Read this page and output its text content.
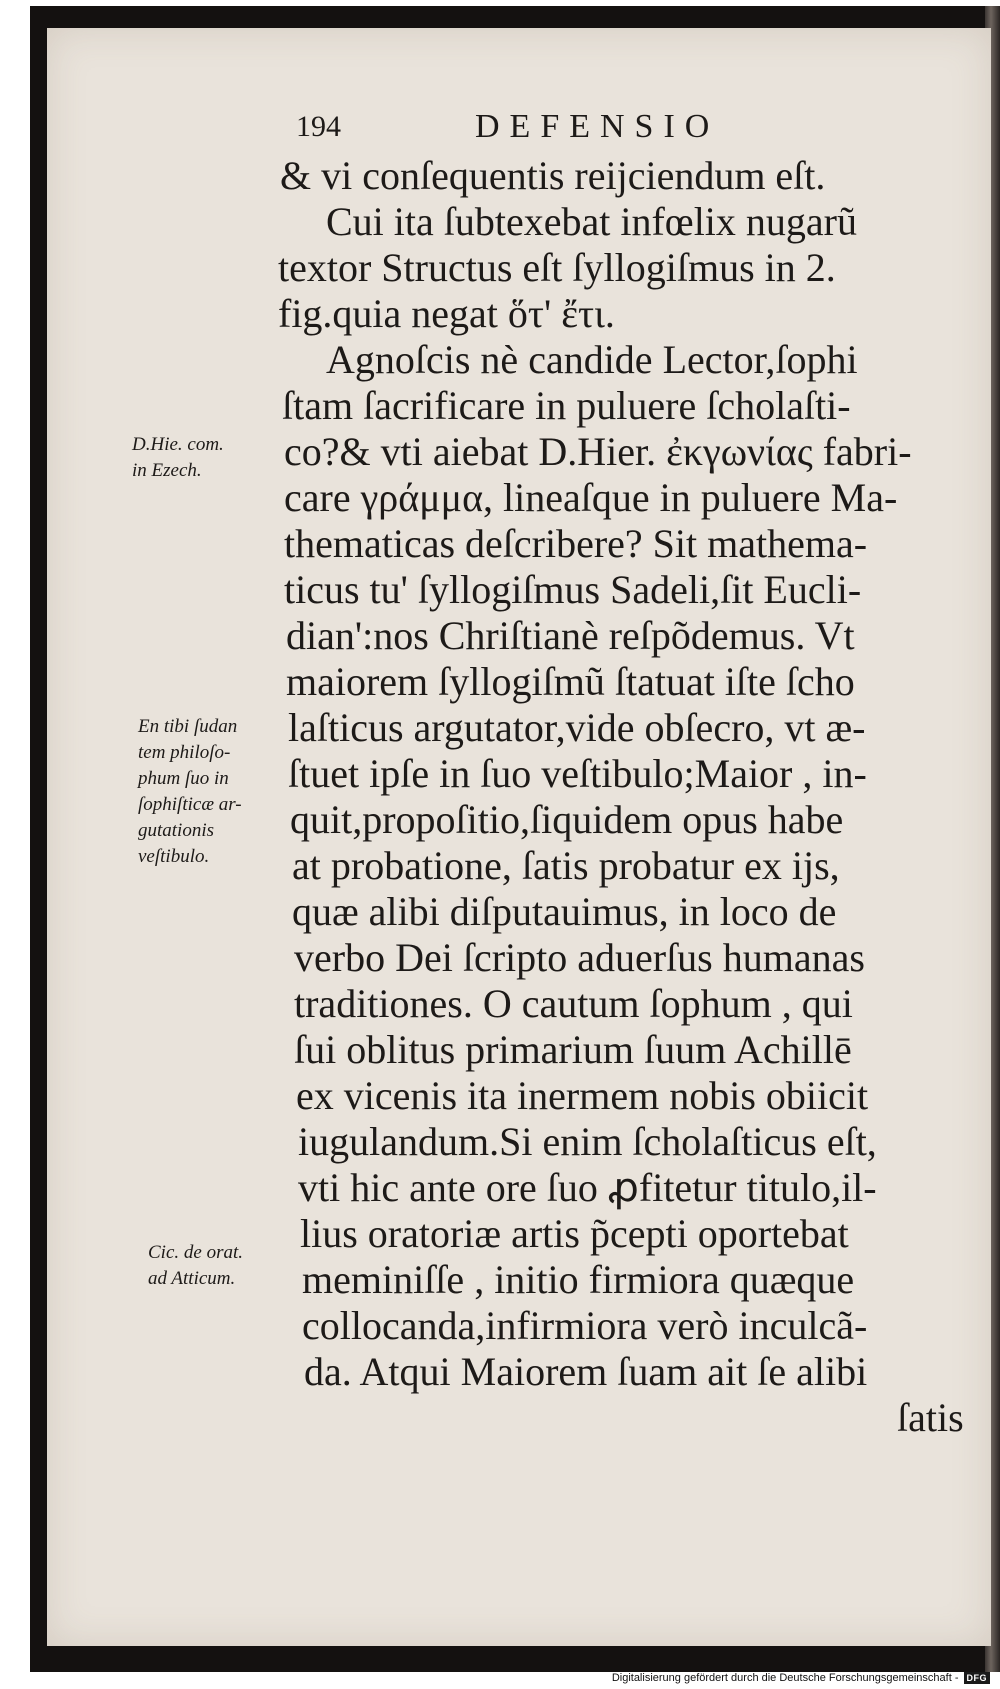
194	DEFENSIO
& vi conſequentis reijciendum eſt.
Cui ita ſubtexebat infœlix nugarũ
textor Structus eſt ſyllogiſmus in 2.
fig.quia negat ὅτ' ἔτι.
Agnoſcis nè candide Lector,ſophi
ſtam ſacrificare in puluere ſcholaſti-
co?& vti aiebat D.Hier. ἐκγωνίας fabri-
care γράμμα, lineaſque in puluere Ma-
thematicas deſcribere? Sit mathema-
ticus tu' ſyllogiſmus Sadeli,ſit Eucli-
dian':nos Chriſtianè reſpõdemus. Vt
maiorem ſyllogiſmũ ſtatuat iſte ſcho
laſticus argutator,vide obſecro, vt æ-
ſtuet ipſe in ſuo veſtibulo;Maior , in-
quit,propoſitio,ſiquidem opus habe
at probatione, ſatis probatur ex ijs,
quæ alibi diſputauimus, in loco de
verbo Dei ſcripto aduerſus humanas
traditiones. O cautum ſophum , qui
ſui oblitus primarium ſuum Achillē
ex vicenis ita inermem nobis obiicit
iugulandum.Si enim ſcholaſticus eſt,
vti hic ante ore ſuo ꝓfitetur titulo,il-
lius oratoriæ artis p̃cepti oportebat
meminiſſe , initio firmiora quæque
collocanda,infirmiora verò inculcã-
da. Atqui Maiorem ſuam ait ſe alibi
ſatis
D.Hie. com.
in Ezech.
En tibi ſudan
tem philoſo-
phum ſuo in
ſophiſticæ ar-
gutationis
veſtibulo.
Cic. de orat.
ad Atticum.
Digitalisierung gefördert durch die Deutsche Forschungsgemeinschaft - DFG
